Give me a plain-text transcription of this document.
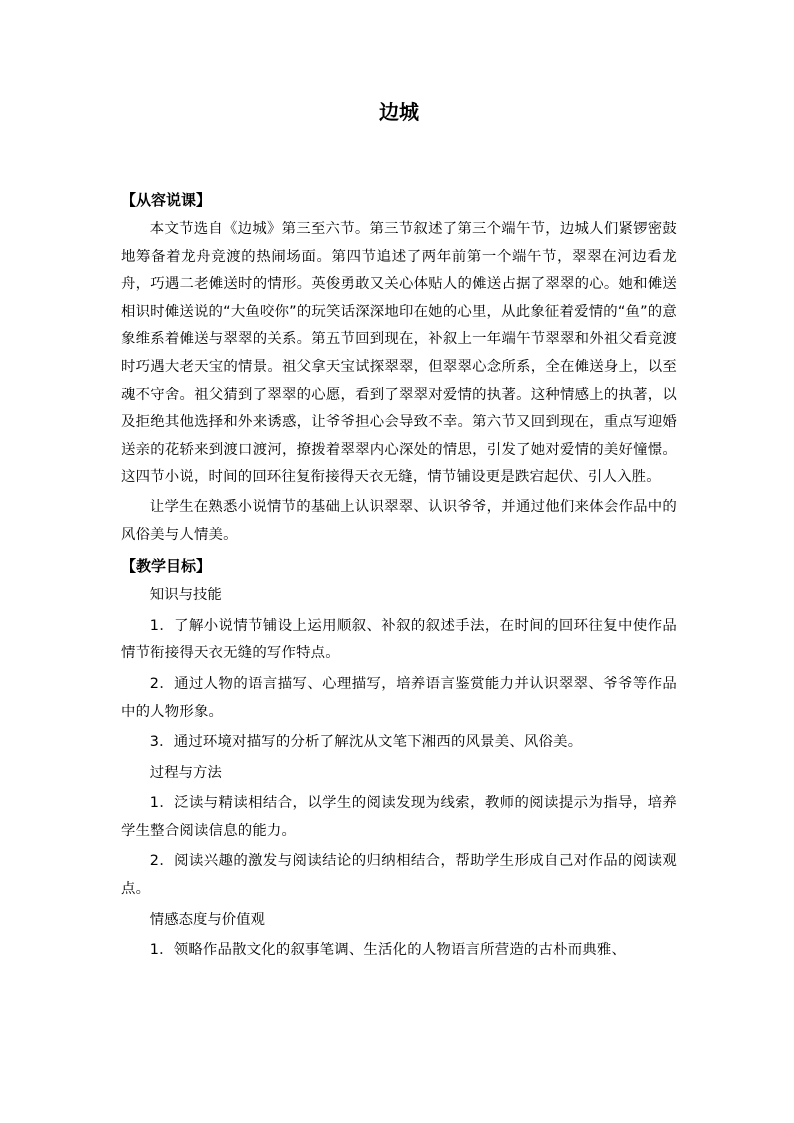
边城
【从容说课】

本文节选自《边城》第三至六节。第三节叙述了第三个端午节，边城人们紧锣密鼓地筹备着龙舟竞渡的热闹场面。第四节追述了两年前第一个端午节，翠翠在河边看龙舟，巧遇二老傩送时的情形。英俊勇敢又关心体贴人的傩送占据了翠翠的心。她和傩送相识时傩送说的“大鱼咬你”的玩笑话深深地印在她的心里，从此象征着爱情的“鱼”的意象维系着傩送与翠翠的关系。第五节回到现在，补叙上一年端午节翠翠和外祖父看竞渡时巧遇大老天宝的情景。祖父拿天宝试探翠翠，但翠翠心念所系，全在傩送身上，以至魂不守舍。祖父猜到了翠翠的心愿，看到了翠翠对爱情的执著。这种情感上的执著，以及拒绝其他选择和外来诱惑，让爷爷担心会导致不幸。第六节又回到现在，重点写迎婚送亲的花轿来到渡口渡河，撩拨着翠翠内心深处的情思，引发了她对爱情的美好憧憬。这四节小说，时间的回环往复衔接得天衣无缝，情节铺设更是跌宕起伏、引人入胜。

让学生在熟悉小说情节的基础上认识翠翠、认识爷爷，并通过他们来体会作品中的风俗美与人情美。

【教学目标】
知识与技能

1．了解小说情节铺设上运用顺叙、补叙的叙述手法，在时间的回环往复中使作品情节衔接得天衣无缝的写作特点。

2．通过人物的语言描写、心理描写，培养语言鉴赏能力并认识翠翠、爷爷等作品中的人物形象。

3．通过环境对描写的分析了解沈从文笔下湘西的风景美、风俗美。

过程与方法

1．泛读与精读相结合，以学生的阅读发现为线索，教师的阅读提示为指导，培养学生整合阅读信息的能力。

2．阅读兴趣的激发与阅读结论的归纳相结合，帮助学生形成自己对作品的阅读观点。

情感态度与价值观

1．领略作品散文化的叙事笔调、生活化的人物语言所营造的古朴而典雅、
